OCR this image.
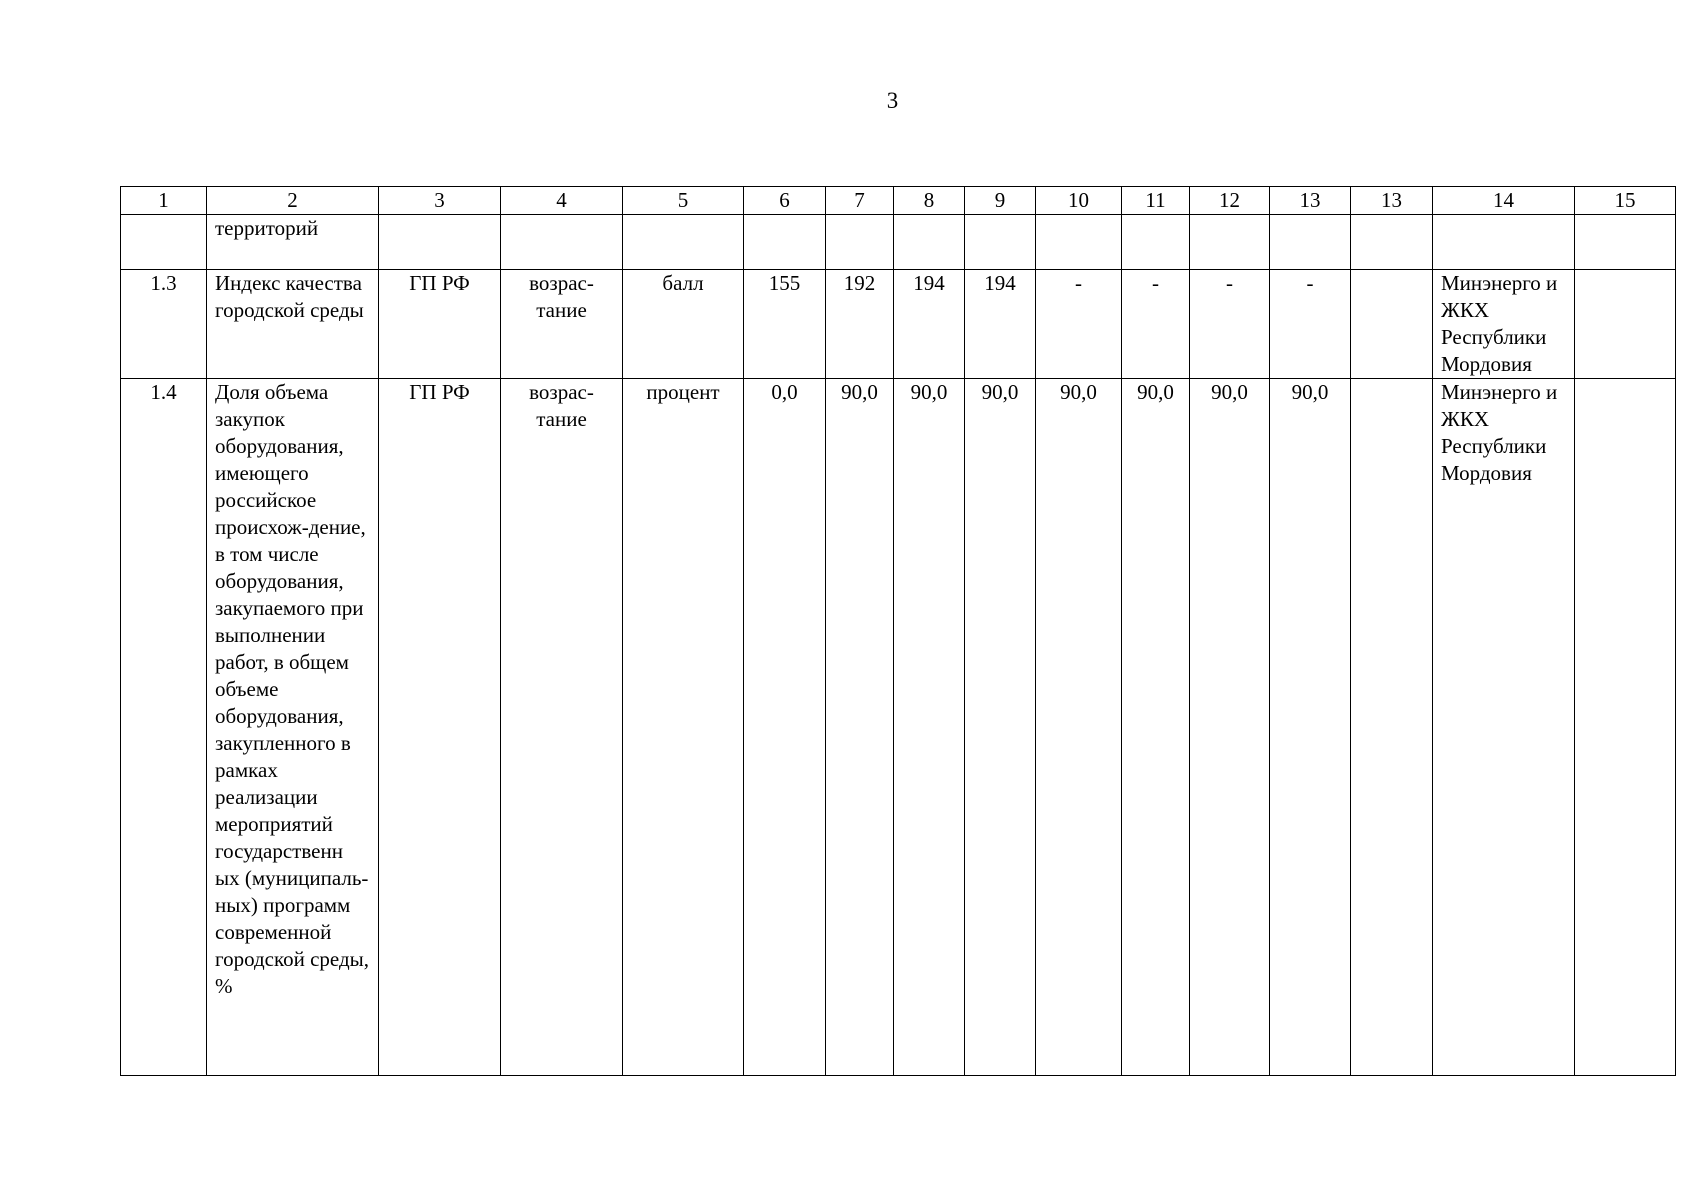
3
1	2	3	4	5	6	7	8	9	10	11	12	13	13	14	15
	территорий														
1.3	Индекс качества городской среды	ГП РФ	возрас-тание	балл	155	192	194	194	-	-	-	-		Минэнерго и ЖКХ Республики Мордовия	
1.4	Доля объема закупок оборудования, имеющего российское происхож-дение, в том числе оборудования, закупаемого при выполнении работ, в общем объеме оборудования, закупленного в рамках реализации мероприятий государственн ых (муниципаль-ных) программ современной городской среды, %	ГП РФ	возрас-тание	процент	0,0	90,0	90,0	90,0	90,0	90,0	90,0	90,0		Минэнерго и ЖКХ Республики Мордовия	
